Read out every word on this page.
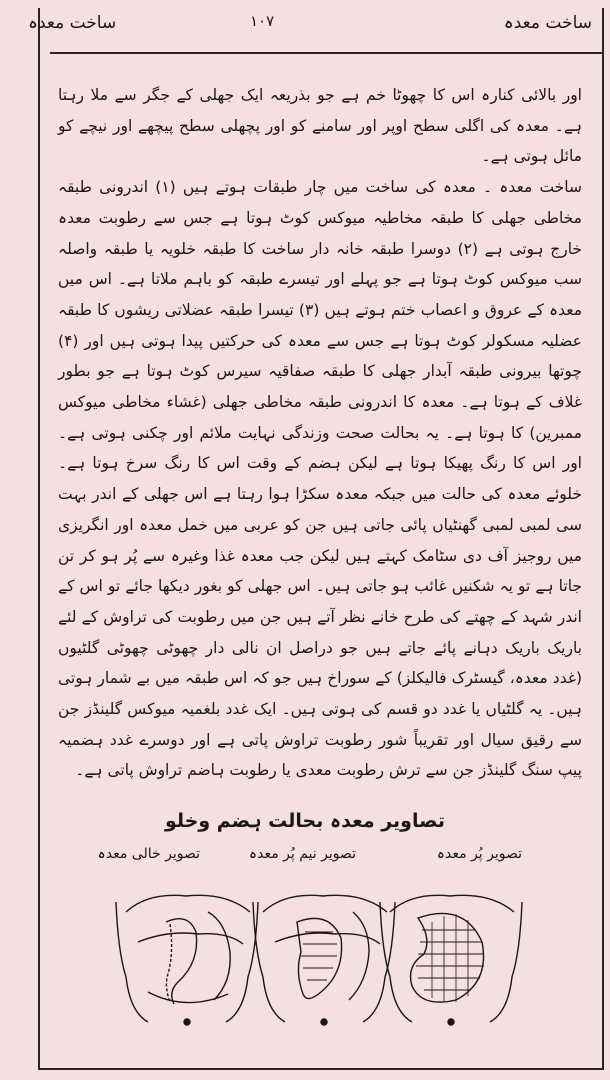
ساخت معدہ
۱۰۷
ساخت معدہ

اور بالائی کنارہ اس کا چھوٹا خم ہے جو بذریعہ ایک جھلی کے جگر سے ملا رہتا ہے۔ معدہ کی اگلی سطح اوپر اور سامنے کو اور پچھلی سطح پیچھے اور نیچے کو مائل ہوتی ہے۔

ساخت معدہ ۔ معدہ کی ساخت میں چار طبقات ہوتے ہیں (۱) اندرونی طبقہ مخاطی جھلی کا طبقہ مخاطیہ میوکس کوٹ ہوتا ہے جس سے رطوبت معدہ خارج ہوتی ہے (۲) دوسرا طبقہ خانہ دار ساخت کا طبقہ خلویہ یا طبقہ واصلہ سب میوکس کوٹ ہوتا ہے جو پہلے اور تیسرے طبقہ کو باہم ملاتا ہے۔ اس میں معدہ کے عروق و اعصاب ختم ہوتے ہیں (۳) تیسرا طبقہ عضلاتی ریشوں کا طبقہ عضلیہ مسکولر کوٹ ہوتا ہے جس سے معدہ کی حرکتیں پیدا ہوتی ہیں اور (۴) چوتھا بیرونی طبقہ آبدار جھلی کا طبقہ صفاقیہ سیرس کوٹ ہوتا ہے جو بطور غلاف کے ہوتا ہے۔ معدہ کا اندرونی طبقہ مخاطی جھلی (غشاء مخاطی میوکس ممبرین) کا ہوتا ہے۔ یہ بحالت صحت وزندگی نہایت ملائم اور چکنی ہوتی ہے۔ اور اس کا رنگ پھیکا ہوتا ہے لیکن ہضم کے وقت اس کا رنگ سرخ ہوتا ہے۔ خلوئے معدہ کی حالت میں جبکہ معدہ سکڑا ہوا رہتا ہے اس جھلی کے اندر بہت سی لمبی لمبی گھنٹیاں پائی جاتی ہیں جن کو عربی میں خمل معدہ اور انگریزی میں روجیز آف دی سٹامک کہتے ہیں لیکن جب معدہ غذا وغیرہ سے پُر ہو کر تن جاتا ہے تو یہ شکنیں غائب ہو جاتی ہیں۔ اس جھلی کو بغور دیکھا جائے تو اس کے اندر شہد کے چھتے کی طرح خانے نظر آتے ہیں جن میں رطوبت کی تراوش کے لئے باریک باریک دہانے پائے جاتے ہیں جو دراصل ان نالی دار چھوٹی چھوٹی گلٹیوں (غدد معدہ، گیسٹرک فالیکلز) کے سوراخ ہیں جو کہ اس طبقہ میں بے شمار ہوتی ہیں۔ یہ گلٹیاں یا غدد دو قسم کی ہوتی ہیں۔ ایک غدد بلغمیہ میوکس گلینڈز جن سے رقیق سیال اور تقریباً شور رطوبت تراوش پاتی ہے اور دوسرے غدد ہضمیہ پیپ سنگ گلینڈز جن سے ترش رطوبت معدی یا رطوبت ہاضم تراوش پاتی ہے۔

تصاویر معدہ بحالت ہضم وخلو
تصویر پُر معدہ
تصویر نیم پُر معدہ
تصویر خالی معدہ
